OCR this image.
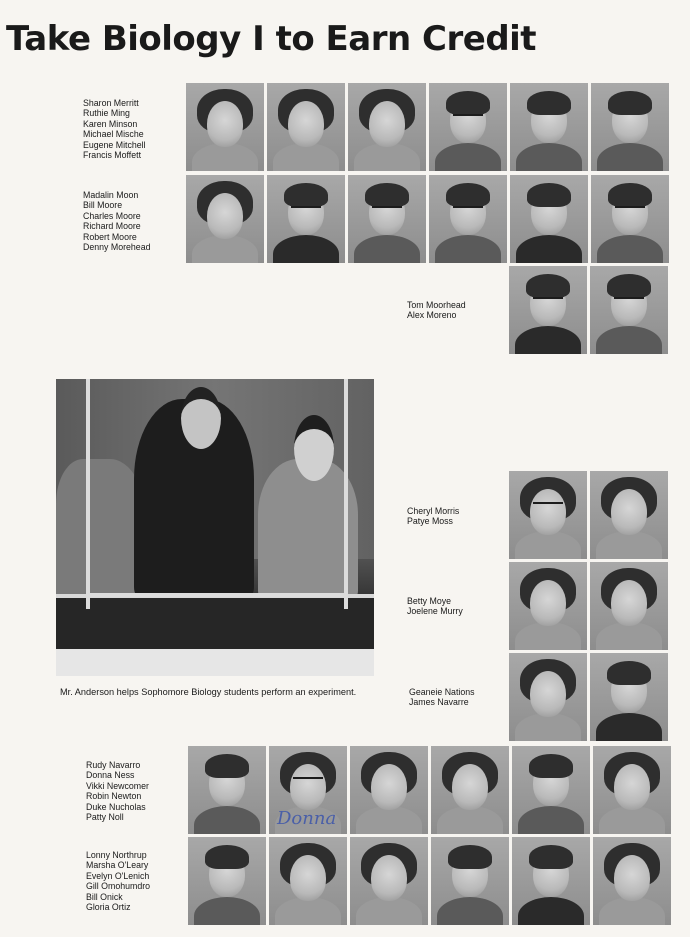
Take Biology I to Earn Credit
Sharon Merritt
Ruthie Ming
Karen Minson
Michael Mische
Eugene Mitchell
Francis Moffett
Madalin Moon
Bill Moore
Charles Moore
Richard Moore
Robert Moore
Denny Morehead
Tom Moorhead
Alex Moreno
Mr. Anderson helps Sophomore Biology students perform an experiment.
Cheryl Morris
Patye Moss
Betty Moye
Joelene Murry
Geaneie Nations
James Navarre
Rudy Navarro
Donna Ness
Vikki Newcomer
Robin Newton
Duke Nucholas
Patty Noll	Donna
Lonny Northrup
Marsha O'Leary
Evelyn O'Lenich
Gill Omohumdro
Bill Onick
Gloria Ortiz
